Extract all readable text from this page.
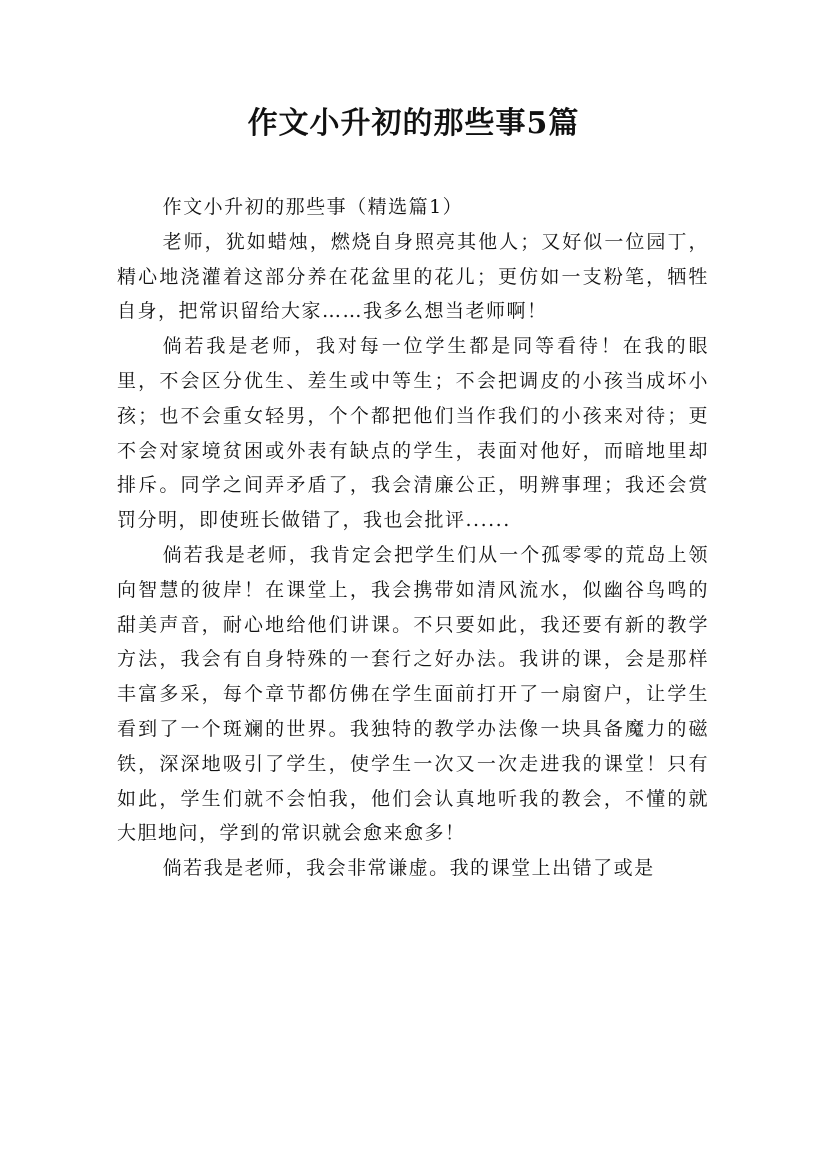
作文小升初的那些事5篇

作文小升初的那些事（精选篇1）

老师，犹如蜡烛，燃烧自身照亮其他人；又好似一位园丁，精心地浇灌着这部分养在花盆里的花儿；更仿如一支粉笔，牺牲自身，把常识留给大家……我多么想当老师啊！

倘若我是老师，我对每一位学生都是同等看待！在我的眼里，不会区分优生、差生或中等生；不会把调皮的小孩当成坏小孩；也不会重女轻男，个个都把他们当作我们的小孩来对待；更不会对家境贫困或外表有缺点的学生，表面对他好，而暗地里却排斥。同学之间弄矛盾了，我会清廉公正，明辨事理；我还会赏罚分明，即使班长做错了，我也会批评......

倘若我是老师，我肯定会把学生们从一个孤零零的荒岛上领向智慧的彼岸！在课堂上，我会携带如清风流水，似幽谷鸟鸣的甜美声音，耐心地给他们讲课。不只要如此，我还要有新的教学方法，我会有自身特殊的一套行之好办法。我讲的课，会是那样丰富多采，每个章节都仿佛在学生面前打开了一扇窗户，让学生看到了一个斑斓的世界。我独特的教学办法像一块具备魔力的磁铁，深深地吸引了学生，使学生一次又一次走进我的课堂！只有如此，学生们就不会怕我，他们会认真地听我的教会，不懂的就大胆地问，学到的常识就会愈来愈多！

倘若我是老师，我会非常谦虚。我的课堂上出错了或是
